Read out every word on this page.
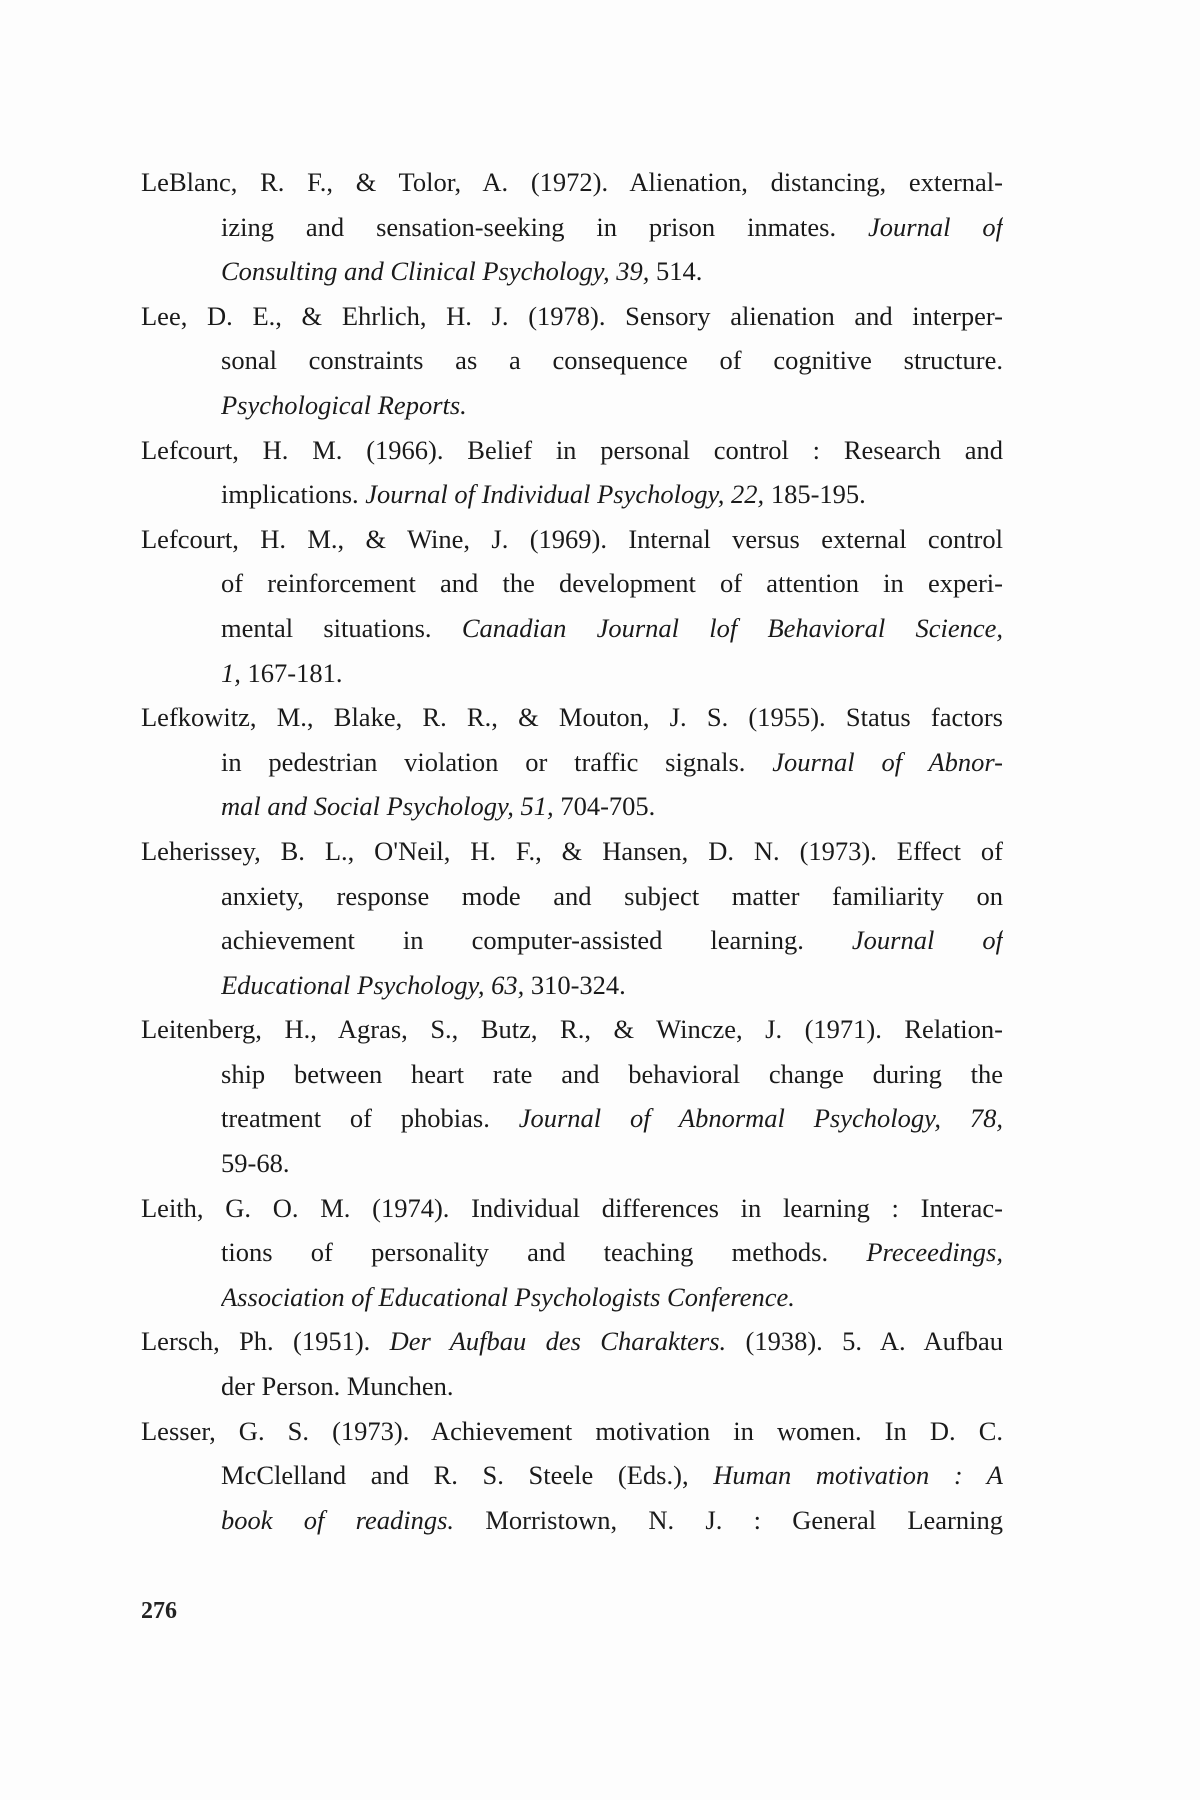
LeBlanc, R. F., & Tolor, A. (1972). Alienation, distancing, external-
izing and sensation-seeking in prison inmates. Journal of
Consulting and Clinical Psychology, 39, 514.
Lee, D. E., & Ehrlich, H. J. (1978). Sensory alienation and interper-
sonal constraints as a consequence of cognitive structure.
Psychological Reports.
Lefcourt, H. M. (1966). Belief in personal control : Research and
implications. Journal of Individual Psychology, 22, 185-195.
Lefcourt, H. M., & Wine, J. (1969). Internal versus external control
of reinforcement and the development of attention in experi-
mental situations. Canadian Journal lof Behavioral Science,
1, 167-181.
Lefkowitz, M., Blake, R. R., & Mouton, J. S. (1955). Status factors
in pedestrian violation or traffic signals. Journal of Abnor-
mal and Social Psychology, 51, 704-705.
Leherissey, B. L., O'Neil, H. F., & Hansen, D. N. (1973). Effect of
anxiety, response mode and subject matter familiarity on
achievement in computer-assisted learning. Journal of
Educational Psychology, 63, 310-324.
Leitenberg, H., Agras, S., Butz, R., & Wincze, J. (1971). Relation-
ship between heart rate and behavioral change during the
treatment of phobias. Journal of Abnormal Psychology, 78,
59-68.
Leith, G. O. M. (1974). Individual differences in learning : Interac-
tions of personality and teaching methods. Preceedings,
Association of Educational Psychologists Conference.
Lersch, Ph. (1951). Der Aufbau des Charakters. (1938). 5. A. Aufbau
der Person. Munchen.
Lesser, G. S. (1973). Achievement motivation in women. In D. C.
McClelland and R. S. Steele (Eds.), Human motivation : A
book of readings. Morristown, N. J. : General Learning
276
